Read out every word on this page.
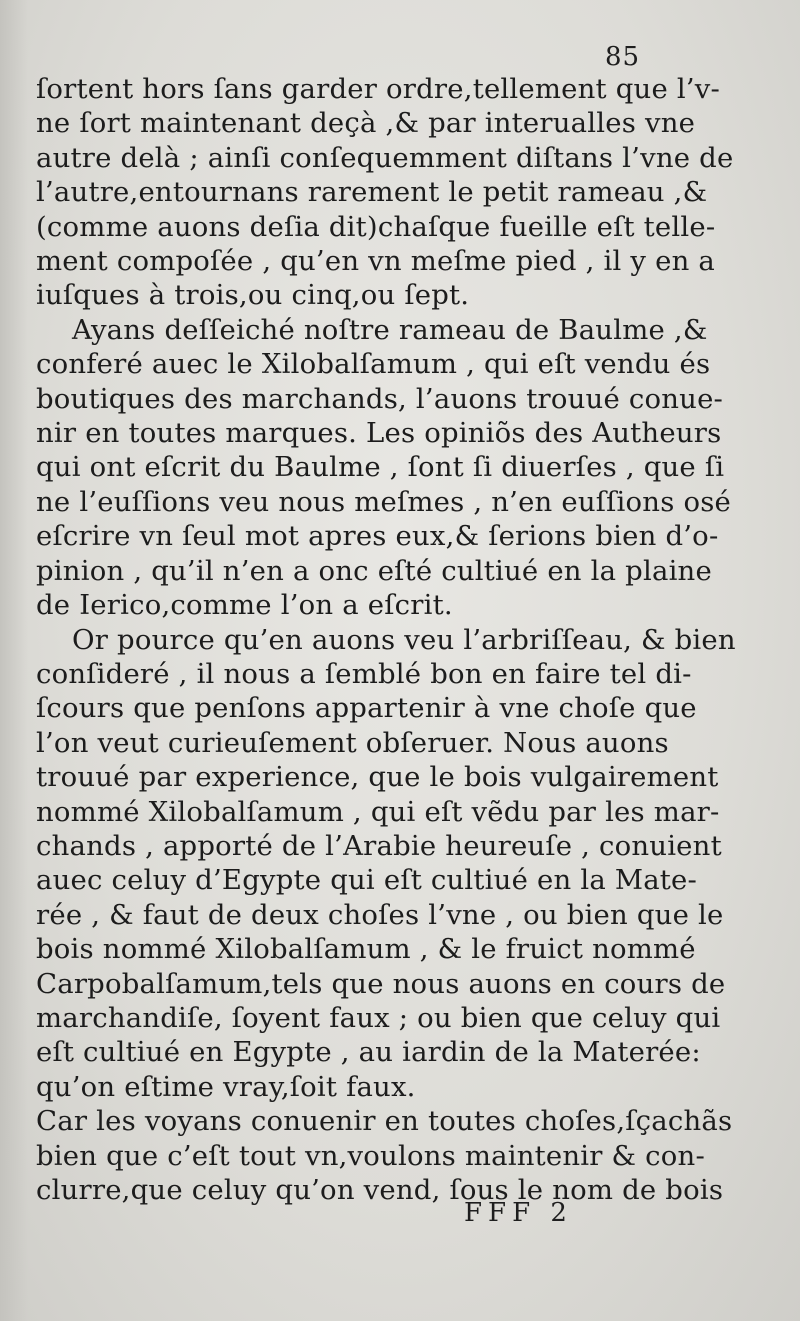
85
ſortent hors ſans garder ordre,tellement que l’v-
ne ſort maintenant deçà ,& par interualles vne
autre delà ; ainſi conſequemment diſtans l’vne de
l’autre,entournans rarement le petit rameau ,&
(comme auons deſia dit)chaſque fueille eſt telle-
ment compoſée , qu’en vn meſme pied , il y en a
iuſques à trois,ou cinq,ou ſept.
Ayans deſſeiché noſtre rameau de Baulme ,&
conferé auec le Xilobalſamum , qui eſt vendu és
boutiques des marchands, l’auons trouué conue-
nir en toutes marques. Les opiniõs des Autheurs
qui ont eſcrit du Baulme , ſont ſi diuerſes , que ſi
ne l’euſſions veu nous meſmes , n’en euſſions osé
eſcrire vn ſeul mot apres eux,& ſerions bien d’o-
pinion , qu’il n’en a onc eſté cultiué en la plaine
de Ierico,comme l’on a eſcrit.
Or pource qu’en auons veu l’arbriſſeau, & bien
conſideré , il nous a ſemblé bon en faire tel di-
ſcours que penſons appartenir à vne choſe que
l’on veut curieuſement obſeruer. Nous auons
trouué par experience, que le bois vulgairement
nommé Xilobalſamum , qui eſt vẽdu par les mar-
chands , apporté de l’Arabie heureuſe , conuient
auec celuy d’Egypte qui eſt cultiué en la Mate-
rée , & faut de deux choſes l’vne , ou bien que le
bois nommé Xilobalſamum , & le fruict nommé
Carpobalſamum,tels que nous auons en cours de
marchandiſe, ſoyent faux ; ou bien que celuy qui
eſt cultiué en Egypte , au iardin de la Materée:
qu’on eſtime vray,ſoit faux.
Car les voyans conuenir en toutes choſes,ſçachãs
bien que c’eſt tout vn,voulons maintenir & con-
clurre,que celuy qu’on vend, ſous le nom de bois
FFF 2
